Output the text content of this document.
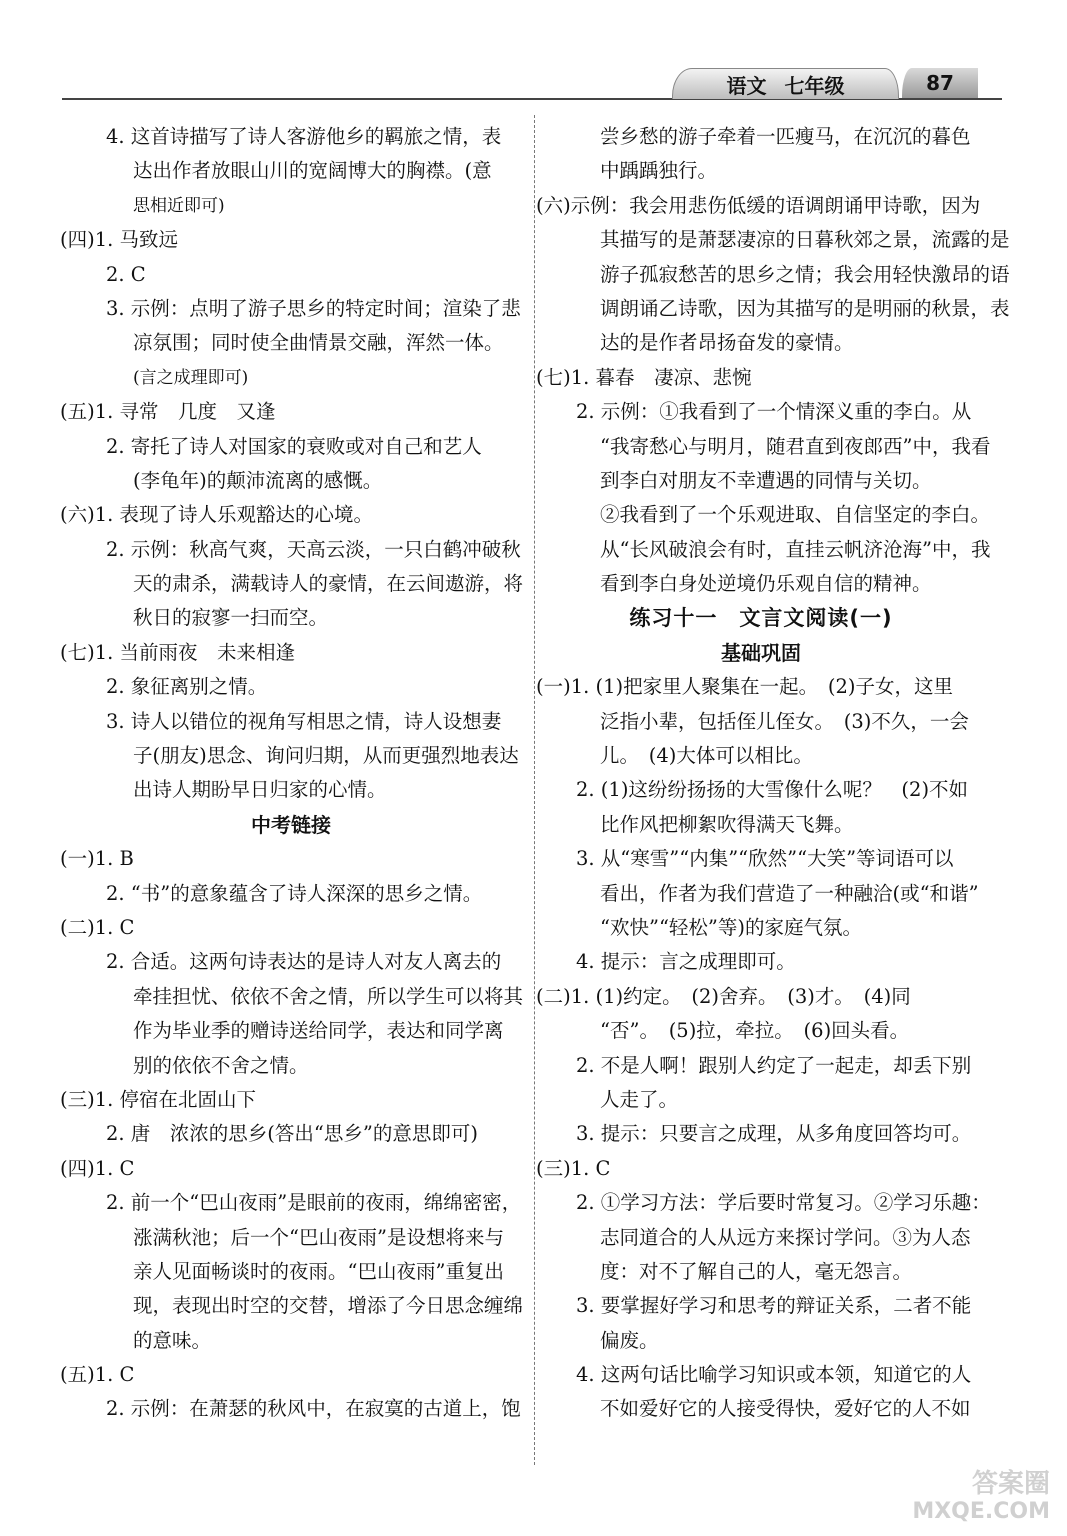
语文 七年级	87
4. 这首诗描写了诗人客游他乡的羁旅之情，表
达出作者放眼山川的宽阔博大的胸襟。(意
思相近即可)
(四)1. 马致远
2. C
3. 示例：点明了游子思乡的特定时间；渲染了悲
凉氛围；同时使全曲情景交融，浑然一体。
(言之成理即可)
(五)1. 寻常　几度　又逢
2. 寄托了诗人对国家的衰败或对自己和艺人
(李龟年)的颠沛流离的感慨。
(六)1. 表现了诗人乐观豁达的心境。
2. 示例：秋高气爽，天高云淡，一只白鹤冲破秋
天的肃杀，满载诗人的豪情，在云间遨游，将
秋日的寂寥一扫而空。
(七)1. 当前雨夜　未来相逢
2. 象征离别之情。
3. 诗人以错位的视角写相思之情，诗人设想妻
子(朋友)思念、询问归期，从而更强烈地表达
出诗人期盼早日归家的心情。
中考链接
(一)1. B
2. “书”的意象蕴含了诗人深深的思乡之情。
(二)1. C
2. 合适。这两句诗表达的是诗人对友人离去的
牵挂担忧、依依不舍之情，所以学生可以将其
作为毕业季的赠诗送给同学，表达和同学离
别的依依不舍之情。
(三)1. 停宿在北固山下
2. 唐　浓浓的思乡(答出“思乡”的意思即可)
(四)1. C
2. 前一个“巴山夜雨”是眼前的夜雨，绵绵密密，
涨满秋池；后一个“巴山夜雨”是设想将来与
亲人见面畅谈时的夜雨。“巴山夜雨”重复出
现，表现出时空的交替，增添了今日思念缠绵
的意味。
(五)1. C
2. 示例：在萧瑟的秋风中，在寂寞的古道上，饱
尝乡愁的游子牵着一匹瘦马，在沉沉的暮色
中踽踽独行。
(六)示例：我会用悲伤低缓的语调朗诵甲诗歌，因为
其描写的是萧瑟凄凉的日暮秋郊之景，流露的是
游子孤寂愁苦的思乡之情；我会用轻快激昂的语
调朗诵乙诗歌，因为其描写的是明丽的秋景，表
达的是作者昂扬奋发的豪情。
(七)1. 暮春　凄凉、悲惋
2. 示例：①我看到了一个情深义重的李白。从
“我寄愁心与明月，随君直到夜郎西”中，我看
到李白对朋友不幸遭遇的同情与关切。
②我看到了一个乐观进取、自信坚定的李白。
从“长风破浪会有时，直挂云帆济沧海”中，我
看到李白身处逆境仍乐观自信的精神。
练习十一　文言文阅读(一)
基础巩固
(一)1. (1)把家里人聚集在一起。　(2)子女，这里
泛指小辈，包括侄儿侄女。　(3)不久，一会
儿。　(4)大体可以相比。
2. (1)这纷纷扬扬的大雪像什么呢？　(2)不如
比作风把柳絮吹得满天飞舞。
3. 从“寒雪”“内集”“欣然”“大笑”等词语可以
看出，作者为我们营造了一种融洽(或“和谐”
“欢快”“轻松”等)的家庭气氛。
4. 提示：言之成理即可。
(二)1. (1)约定。　(2)舍弃。　(3)才。　(4)同
“否”。　(5)拉，牵拉。　(6)回头看。
2. 不是人啊！跟别人约定了一起走，却丢下别
人走了。
3. 提示：只要言之成理，从多角度回答均可。
(三)1. C
2. ①学习方法：学后要时常复习。②学习乐趣：
志同道合的人从远方来探讨学问。③为人态
度：对不了解自己的人，毫无怨言。
3. 要掌握好学习和思考的辩证关系，二者不能
偏废。
4. 这两句话比喻学习知识或本领，知道它的人
不如爱好它的人接受得快，爱好它的人不如
答案圈
MXQE.COM
